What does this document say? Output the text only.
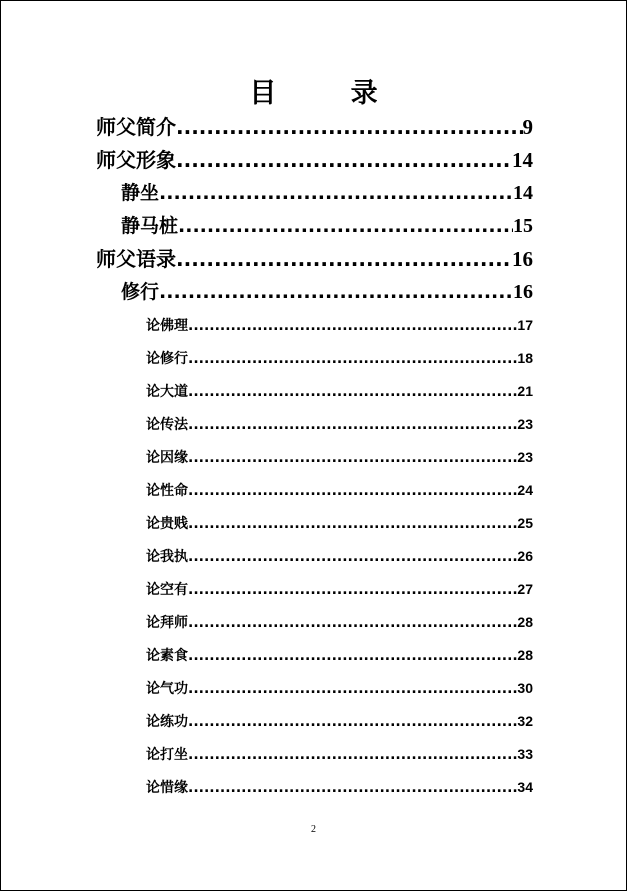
目 录
师父简介 .....	9
师父形象 .....	14
静坐 .....	14
静马桩 .....	15
师父语录 .....	16
修行 .....	16
论佛理 .....	17
论修行 .....	18
论大道 .....	21
论传法 .....	23
论因缘 .....	23
论性命 .....	24
论贵贱 .....	25
论我执 .....	26
论空有 .....	27
论拜师 .....	28
论素食 .....	28
论气功 .....	30
论练功 .....	32
论打坐 .....	33
论惜缘 .....	34
2
